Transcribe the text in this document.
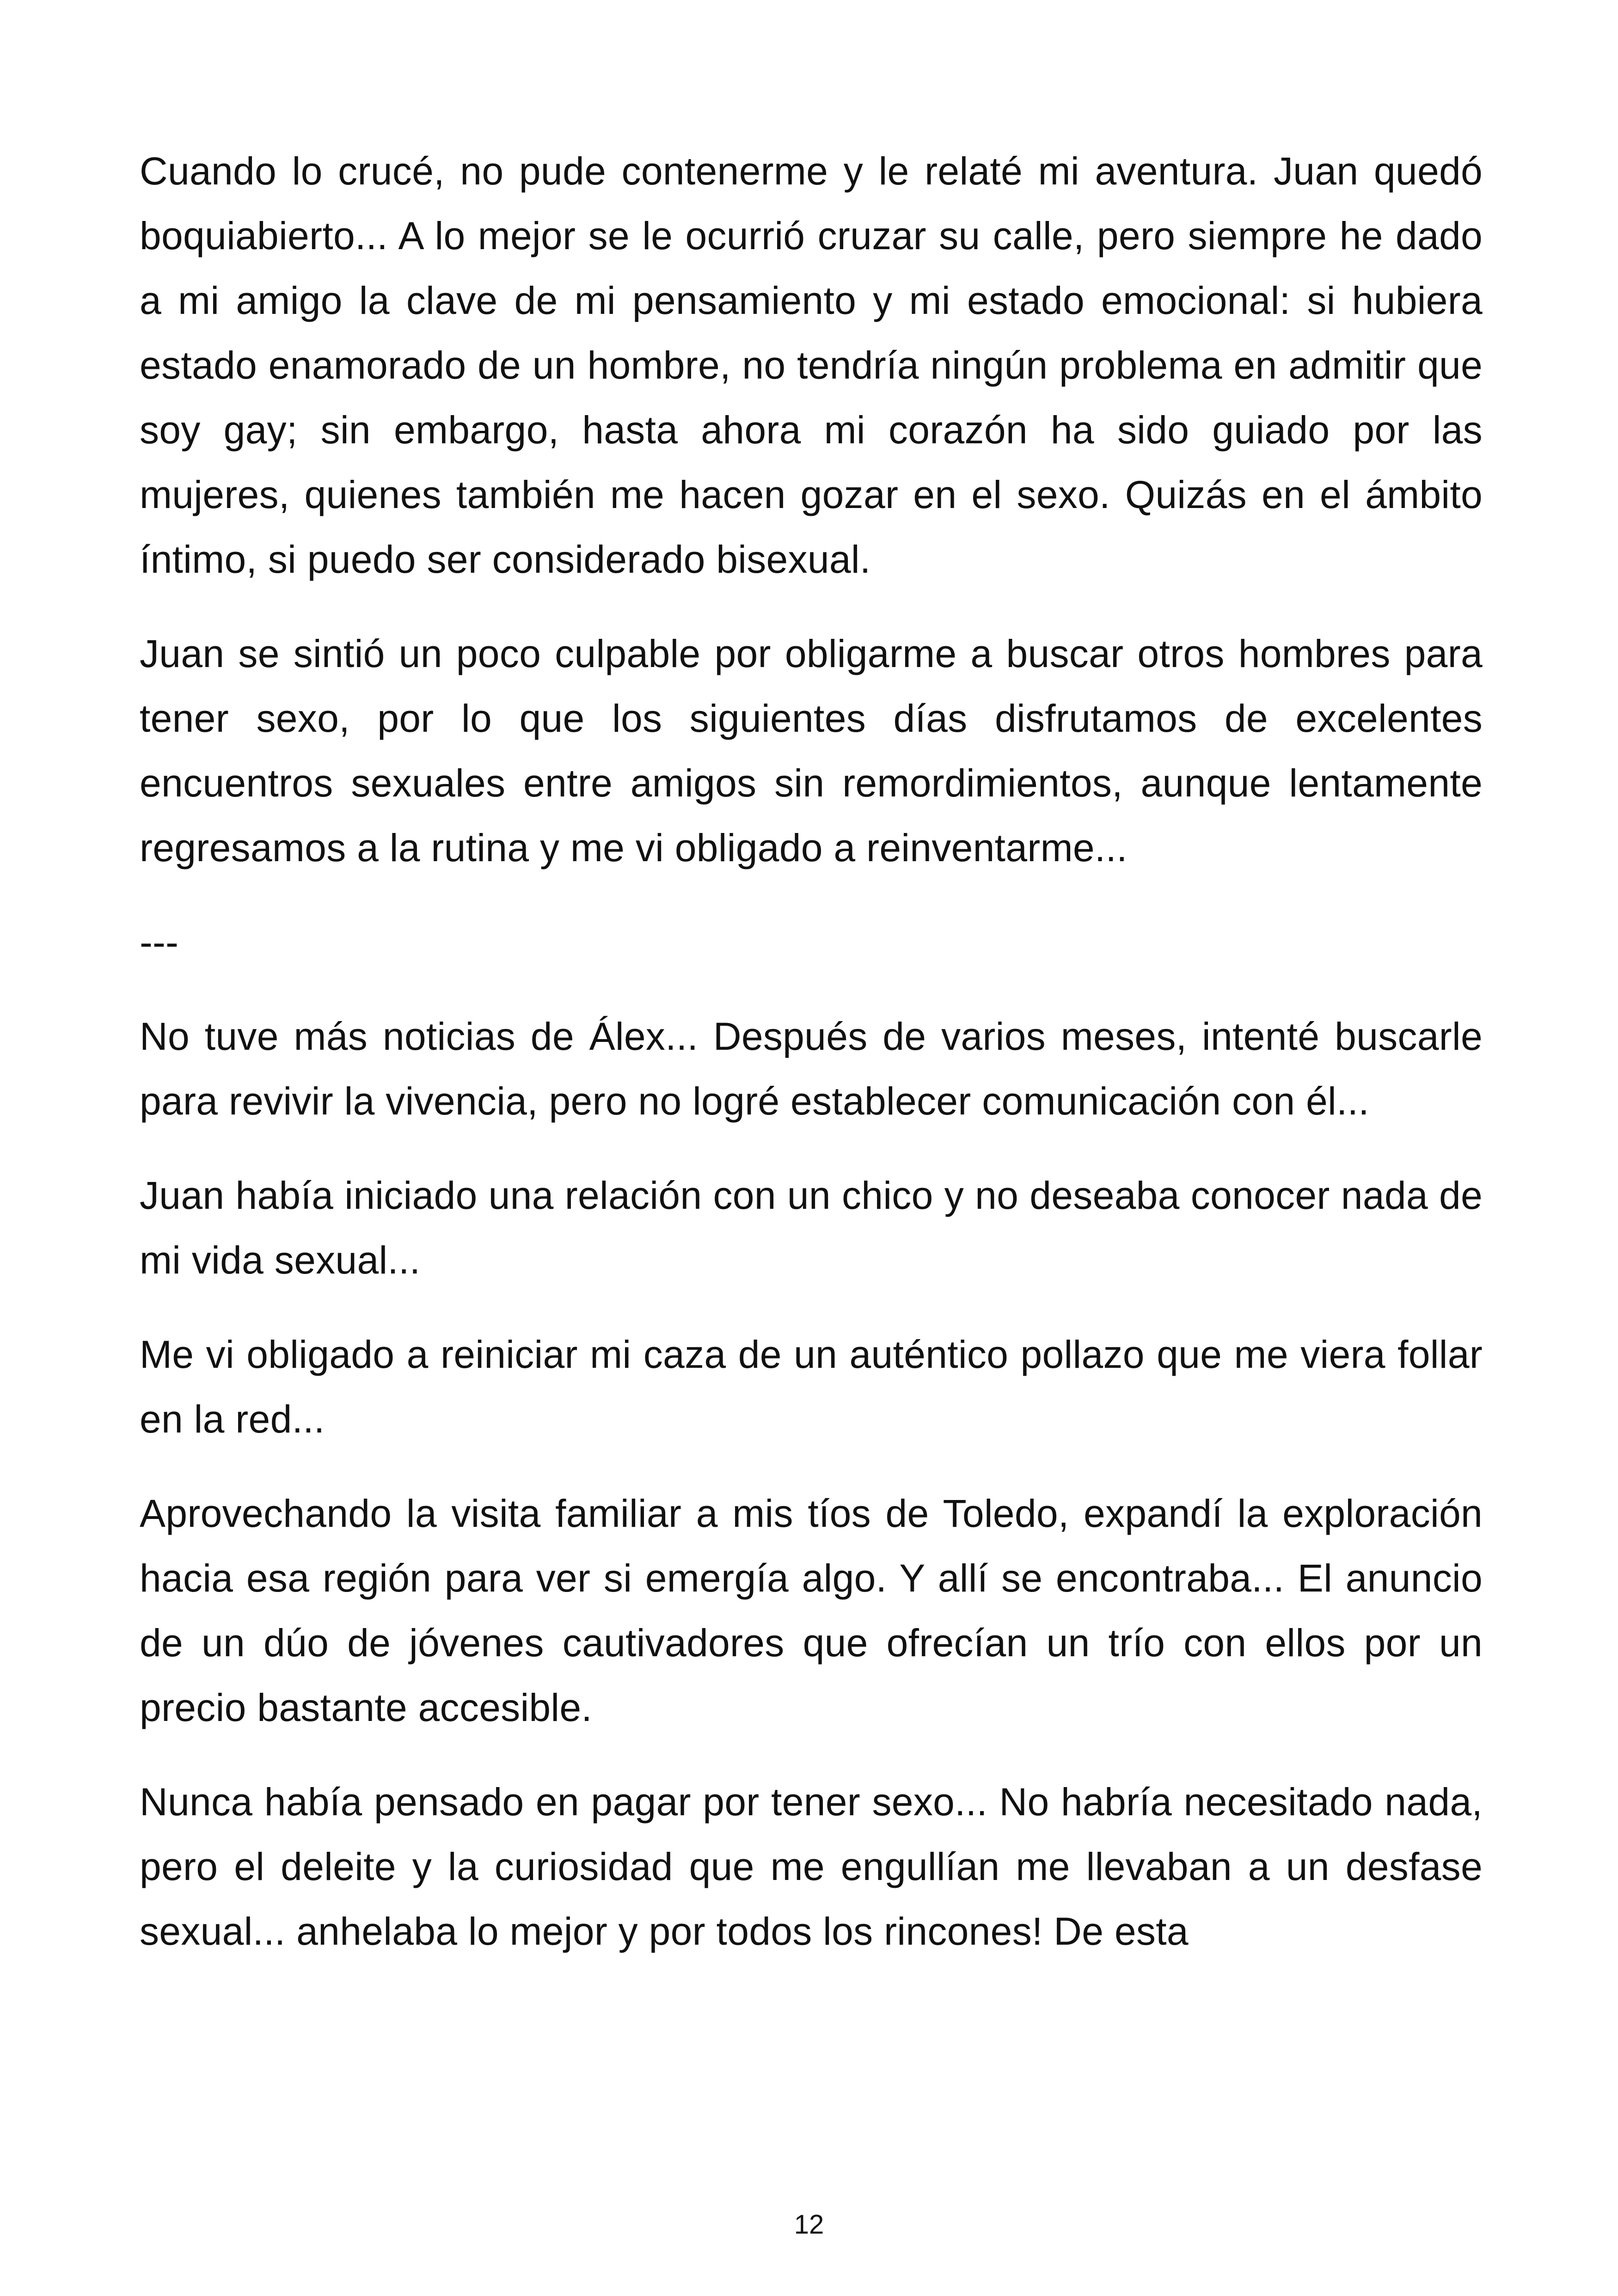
Cuando lo crucé, no pude contenerme y le relaté mi aventura. Juan quedó boquiabierto... A lo mejor se le ocurrió cruzar su calle, pero siempre he dado a mi amigo la clave de mi pensamiento y mi estado emocional: si hubiera estado enamorado de un hombre, no tendría ningún problema en admitir que soy gay; sin embargo, hasta ahora mi corazón ha sido guiado por las mujeres, quienes también me hacen gozar en el sexo. Quizás en el ámbito íntimo, si puedo ser considerado bisexual.

Juan se sintió un poco culpable por obligarme a buscar otros hombres para tener sexo, por lo que los siguientes días disfrutamos de excelentes encuentros sexuales entre amigos sin remordimientos, aunque lentamente regresamos a la rutina y me vi obligado a reinventarme...

---

No tuve más noticias de Álex... Después de varios meses, intenté buscarle para revivir la vivencia, pero no logré establecer comunicación con él...

Juan había iniciado una relación con un chico y no deseaba conocer nada de mi vida sexual...

Me vi obligado a reiniciar mi caza de un auténtico pollazo que me viera follar en la red...

Aprovechando la visita familiar a mis tíos de Toledo, expandí la exploración hacia esa región para ver si emergía algo. Y allí se encontraba... El anuncio de un dúo de jóvenes cautivadores que ofrecían un trío con ellos por un precio bastante accesible.

Nunca había pensado en pagar por tener sexo... No habría necesitado nada, pero el deleite y la curiosidad que me engullían me llevaban a un desfase sexual... anhelaba lo mejor y por todos los rincones! De esta

12
